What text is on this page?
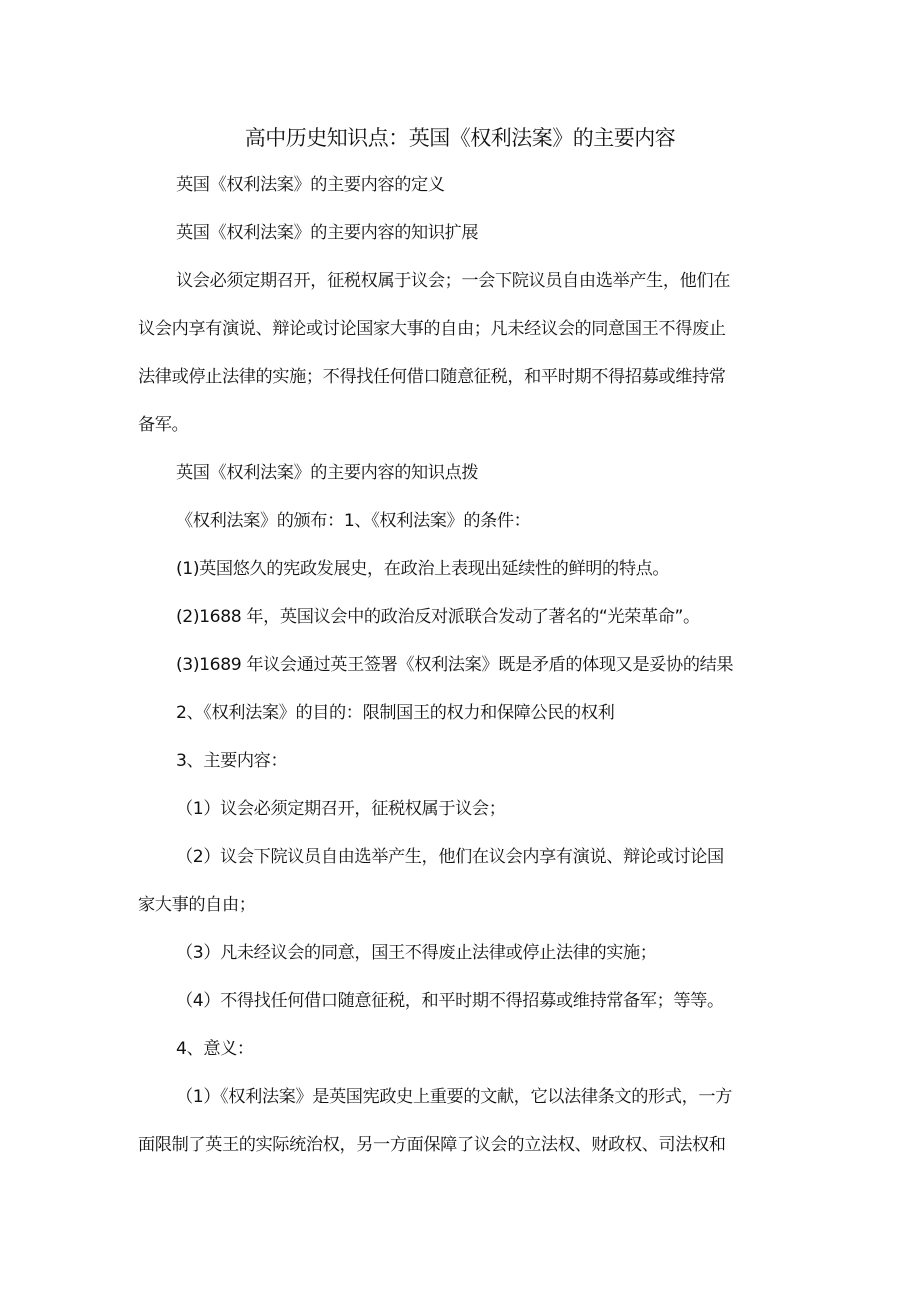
高中历史知识点：英国《权利法案》的主要内容
英国《权利法案》的主要内容的定义
英国《权利法案》的主要内容的知识扩展
议会必须定期召开，征税权属于议会；一会下院议员自由选举产生，他们在
议会内享有演说、辩论或讨论国家大事的自由；凡未经议会的同意国王不得废止
法律或停止法律的实施；不得找任何借口随意征税，和平时期不得招募或维持常
备军。
英国《权利法案》的主要内容的知识点拨
《权利法案》的颁布：1、《权利法案》的条件：
(1)英国悠久的宪政发展史，在政治上表现出延续性的鲜明的特点。
(2)1688 年，英国议会中的政治反对派联合发动了著名的“光荣革命”。
(3)1689 年议会通过英王签署《权利法案》既是矛盾的体现又是妥协的结果
2、《权利法案》的目的：限制国王的权力和保障公民的权利
3、主要内容：
（1）议会必须定期召开，征税权属于议会；
（2）议会下院议员自由选举产生，他们在议会内享有演说、辩论或讨论国
家大事的自由；
（3）凡未经议会的同意，国王不得废止法律或停止法律的实施；
（4）不得找任何借口随意征税，和平时期不得招募或维持常备军；等等。
4、意义：
（1）《权利法案》是英国宪政史上重要的文献，它以法律条文的形式，一方
面限制了英王的实际统治权，另一方面保障了议会的立法权、财政权、司法权和
